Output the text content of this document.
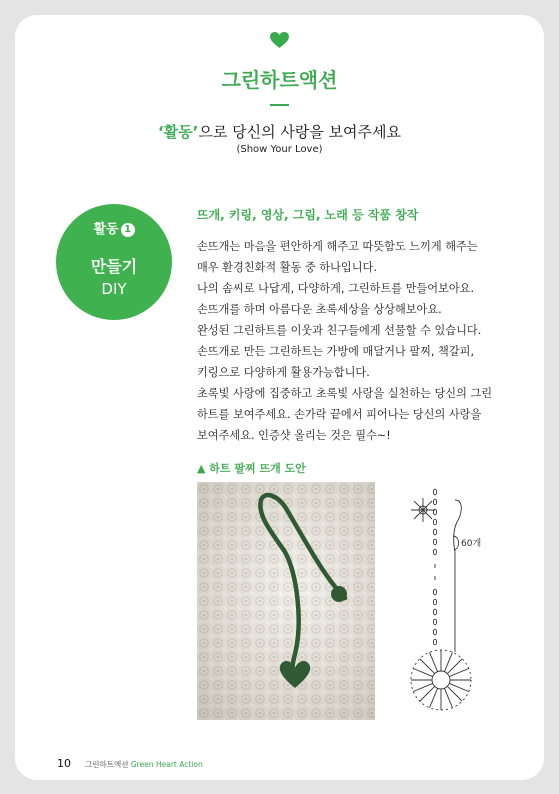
그린하트액션
‘활동’으로 당신의 사랑을 보여주세요
(Show Your Love)
활동 1
만들기
DIY
뜨개, 키링, 영상, 그림, 노래 등 작품 창작
손뜨개는 마음을 편안하게 해주고 따뜻함도 느끼게 해주는
매우 환경친화적 활동 중 하나입니다.
나의 솜씨로 나답게, 다양하게, 그린하트를 만들어보아요.
손뜨개를 하며 아름다운 초록세상을 상상해보아요.
완성된 그린하트를 이웃과 친구들에게 선물할 수 있습니다.
손뜨개로 만든 그린하트는 가방에 매달거나 팔찌, 책갈피,
키링으로 다양하게 활용가능합니다.
초록빛 사랑에 집중하고 초록빛 사랑을 실천하는 당신의 그린
하트를 보여주세요. 손가락 끝에서 피어나는 당신의 사랑을
보여주세요. 인증샷 올리는 것은 필수~!
▲ 하트 팔찌 뜨개 도안
60개
10 그린하트액션 Green Heart Action
